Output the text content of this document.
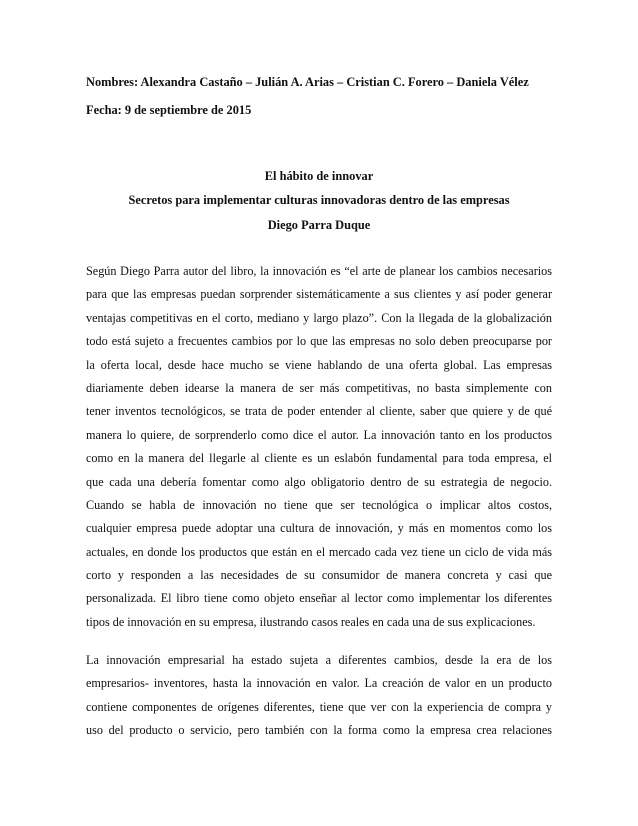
Nombres: Alexandra Castaño – Julián A. Arias – Cristian C. Forero – Daniela Vélez
Fecha: 9 de septiembre de 2015
El hábito de innovar
Secretos para implementar culturas innovadoras dentro de las empresas
Diego Parra Duque
Según Diego Parra autor del libro, la innovación es “el arte de planear los cambios necesarios
para que las empresas puedan sorprender sistemáticamente a sus clientes y así poder generar
ventajas competitivas en el corto, mediano y largo plazo”. Con la llegada de la globalización
todo está sujeto a frecuentes cambios por lo que las empresas no solo deben preocuparse por
la oferta local, desde hace mucho se viene hablando de una oferta global. Las empresas
diariamente deben idearse la manera de ser más competitivas, no basta simplemente con
tener inventos tecnológicos, se trata de poder entender al cliente, saber que quiere y de qué
manera lo quiere, de sorprenderlo como dice el autor. La innovación tanto en los productos
como en la manera del llegarle al cliente es un eslabón fundamental para toda empresa, el
que cada una debería fomentar como algo obligatorio dentro de su estrategia de negocio.
Cuando se habla de innovación no tiene que ser tecnológica o implicar altos costos,
cualquier empresa puede adoptar una cultura de innovación, y más en momentos como los
actuales, en donde los productos que están en el mercado cada vez tiene un ciclo de vida más
corto y responden a las necesidades de su consumidor de manera concreta y casi que
personalizada. El libro tiene como objeto enseñar al lector como implementar los diferentes
tipos de innovación en su empresa, ilustrando casos reales en cada una de sus explicaciones.
La innovación empresarial ha estado sujeta a diferentes cambios, desde la era de los
empresarios- inventores, hasta la innovación en valor. La creación de valor en un producto
contiene componentes de orígenes diferentes, tiene que ver con la experiencia de compra y
uso del producto o servicio, pero también con la forma como la empresa crea relaciones
